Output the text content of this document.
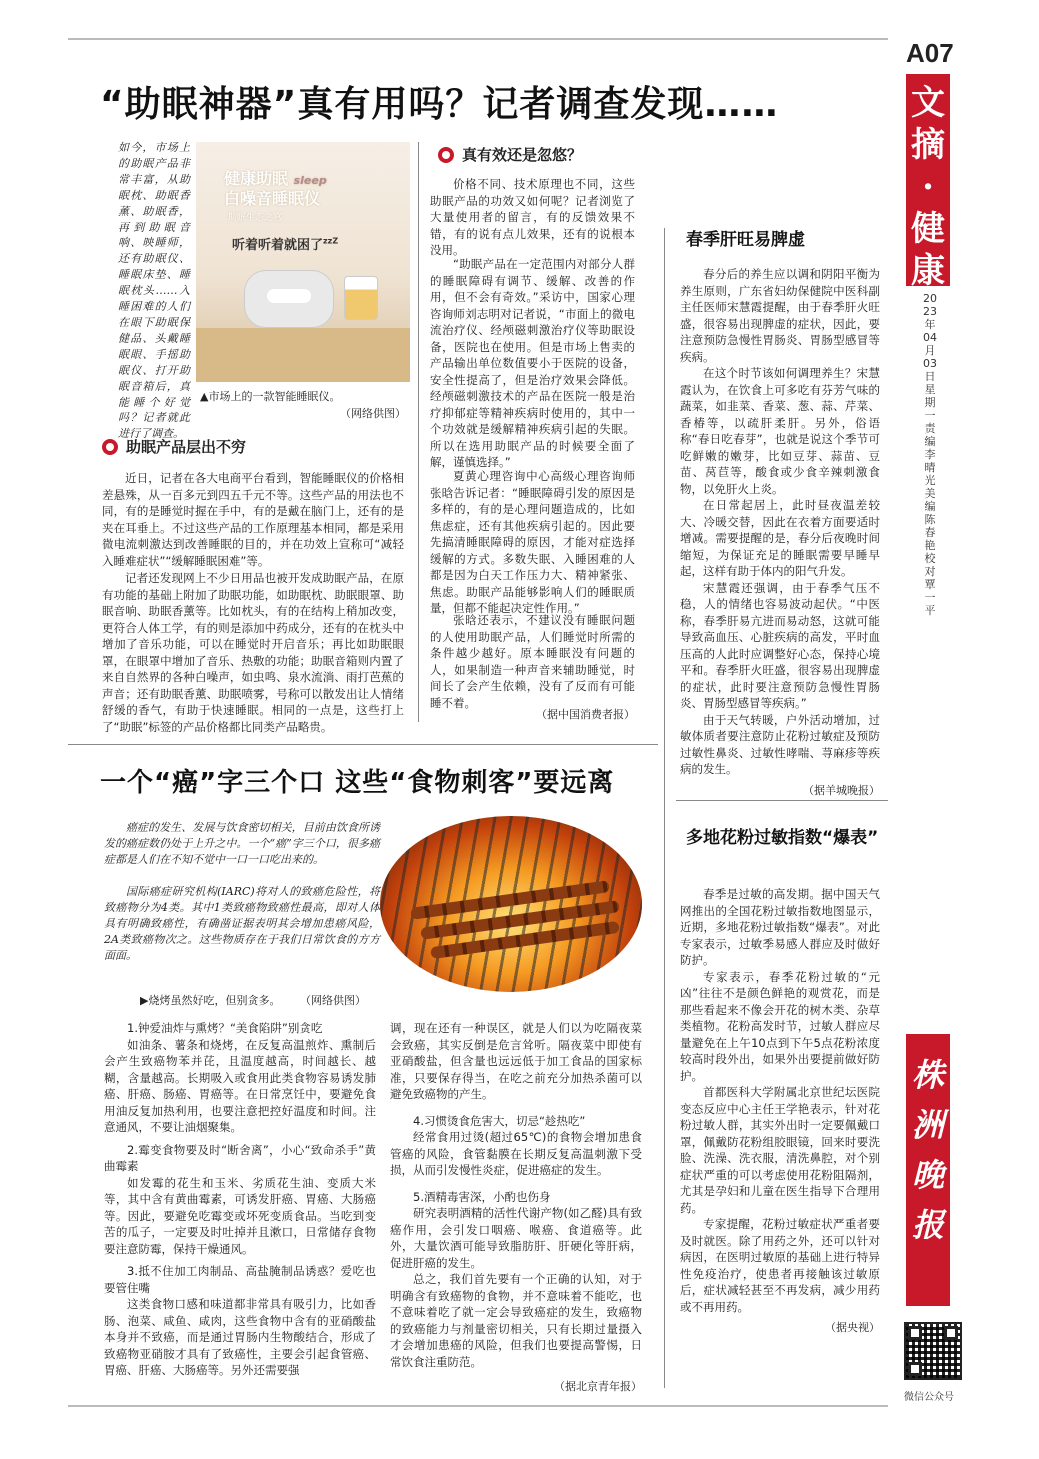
A07
文
摘
·
健
康
2023年04月03日 星期一 责编李晴光 美编陈春艳 校对覃一平
株
洲
晚
报
微信公众号
“助眠神器”真有用吗？记者调查发现……
如今，市场上的助眠产品非常丰富，从助眠枕、助眠香薰、助眠香，再到助眠音响、映睡师，还有助眠仪、睡眠床垫、睡眠枕头……入睡困难的人们在眼下助眠保健品、头戴睡眠眼、手摇助眠仪、打开助眠音箱后，真能睡个好觉吗？记者就此进行了调查。
健康助眠 sleep
白噪音睡眠仪
助眠生态之宫
听着听着就困了$^{zzZ}$
▲市场上的一款智能睡眠仪。
（网络供图）
助眠产品层出不穷
近日，记者在各大电商平台看到，智能睡眠仪的价格相差悬殊，从一百多元到四五千元不等。这些产品的用法也不同，有的是睡觉时握在手中，有的是戴在脑门上，还有的是夹在耳垂上。不过这些产品的工作原理基本相同，都是采用微电流刺激达到改善睡眠的目的，并在功效上宣称可“减轻入睡难症状”“缓解睡眠困难”等。
记者还发现网上不少日用品也被开发成助眠产品，在原有功能的基础上附加了助眠功能，如助眠枕、助眠眼罩、助眠音响、助眠香薰等。比如枕头，有的在结构上稍加改变，更符合人体工学，有的则是添加中药成分，还有的在枕头中增加了音乐功能，可以在睡觉时开启音乐；再比如助眠眼罩，在眼罩中增加了音乐、热敷的功能；助眠音箱则内置了来自自然界的各种白噪声，如虫鸣、泉水流淌、雨打芭蕉的声音；还有助眠香薰、助眠喷雾，号称可以散发出让人情绪舒缓的香气，有助于快速睡眠。相同的一点是，这些打上了“助眠”标签的产品价格都比同类产品略贵。
真有效还是忽悠？
价格不同、技术原理也不同，这些助眠产品的功效又如何呢？记者浏览了大量使用者的留言，有的反馈效果不错，有的说有点儿效果，还有的说根本没用。
“助眠产品在一定范围内对部分人群的睡眠障碍有调节、缓解、改善的作用，但不会有奇效。”采访中，国家心理咨询师刘志明对记者说，“市面上的微电流治疗仪、经颅磁刺激治疗仪等助眠设备，医院也在使用。但是市场上售卖的产品输出单位数值要小于医院的设备，安全性提高了，但是治疗效果会降低。经颅磁刺激技术的产品在医院一般是治疗抑郁症等精神疾病时使用的，其中一个功效就是缓解精神疾病引起的失眠。所以在选用助眠产品的时候要全面了解，谨慎选择。”
夏黄心理咨询中心高级心理咨询师张晗告诉记者：“睡眠障碍引发的原因是多样的，有的是心理问题造成的，比如焦虑症，还有其他疾病引起的。因此要先搞清睡眠障碍的原因，才能对症选择缓解的方式。多数失眠、入睡困难的人都是因为白天工作压力大、精神紧张、焦虑。助眠产品能够影响人们的睡眠质量，但都不能起决定性作用。”
张晗还表示，不建议没有睡眠问题的人使用助眠产品，人们睡觉时所需的条件越少越好。原本睡眠没有问题的人，如果制造一种声音来辅助睡觉，时间长了会产生依赖，没有了反而有可能睡不着。
（据中国消费者报）
一个“癌”字三个口 这些“食物刺客”要远离
癌症的发生、发展与饮食密切相关，目前由饮食所诱发的癌症数仍处于上升之中。一个“癌”字三个口，很多癌症都是人们在不知不觉中一口一口吃出来的。
国际癌症研究机构(IARC)将对人的致癌危险性，将致癌物分为4类。其中1类致癌物致癌性最高，即对人体具有明确致癌性，有确凿证据表明其会增加患癌风险，2A类致癌物次之。这些物质存在于我们日常饮食的方方面面。
▶烧烤虽然好吃，但别贪多。 （网络供图）
1.钟爱油炸与熏烤？“美食陷阱”别贪吃
如油条、薯条和烧烤，在反复高温煎炸、熏制后会产生致癌物苯并芘，且温度越高，时间越长、越糊，含量越高。长期吸入或食用此类食物容易诱发肺癌、肝癌、肠癌、胃癌等。在日常烹饪中，要避免食用油反复加热利用，也要注意把控好温度和时间。注意通风，不要让油烟聚集。
2.霉变食物要及时“断舍离”，小心“致命杀手”黄曲霉素
如发霉的花生和玉米、劣质花生油、变质大米等，其中含有黄曲霉素，可诱发肝癌、胃癌、大肠癌等。因此，要避免吃霉变或坏死变质食品。当吃到变苦的瓜子，一定要及时吐掉并且漱口，日常储存食物要注意防霉，保持干燥通风。
3.抵不住加工肉制品、高盐腌制品诱惑？爱吃也要管住嘴
这类食物口感和味道都非常具有吸引力，比如香肠、泡菜、咸鱼、咸肉，这些食物中含有的亚硝酸盐本身并不致癌，而是通过胃肠内生物酸结合，形成了致癌物亚硝胺才具有了致癌性，主要会引起食管癌、胃癌、肝癌、大肠癌等。另外还需要强
调，现在还有一种误区，就是人们以为吃隔夜菜会致癌，其实反倒是危言耸听。隔夜菜中即使有亚硝酸盐，但含量也远远低于加工食品的国家标准，只要保存得当，在吃之前充分加热杀菌可以避免致癌物的产生。
4.习惯烫食危害大，切忌“趁热吃”
经常食用过烫(超过65℃)的食物会增加患食管癌的风险，食管黏膜在长期反复高温刺激下受损，从而引发慢性炎症，促进癌症的发生。
5.酒精毒害深，小酌也伤身
研究表明酒精的活性代谢产物(如乙醛)具有致癌作用，会引发口咽癌、喉癌、食道癌等。此外，大量饮酒可能导致脂肪肝、肝硬化等肝病，促进肝癌的发生。
总之，我们首先要有一个正确的认知，对于明确含有致癌物的食物，并不意味着不能吃，也不意味着吃了就一定会导致癌症的发生，致癌物的致癌能力与剂量密切相关，只有长期过量摄入才会增加患癌的风险，但我们也要提高警惕，日常饮食注重防范。
（据北京青年报）
春季肝旺易脾虚
春分后的养生应以调和阴阳平衡为养生原则，广东省妇幼保健院中医科副主任医师宋慧霞提醒，由于春季肝火旺盛，很容易出现脾虚的症状，因此，要注意预防急慢性胃肠炎、胃肠型感冒等疾病。
在这个时节该如何调理养生？宋慧霞认为，在饮食上可多吃有芬芳气味的蔬菜，如韭菜、香菜、葱、蒜、芹菜、香椿等，以疏肝柔肝。另外，俗语称“春日吃春芽”，也就是说这个季节可吃鲜嫩的嫩芽，比如豆芽、蒜苗、豆苗、莴苣等，酸食或少食辛辣刺激食物，以免肝火上炎。
在日常起居上，此时昼夜温差较大、冷暖交替，因此在衣着方面要适时增减。需要提醒的是，春分后夜晚时间缩短，为保证充足的睡眠需要早睡早起，这样有助于体内的阳气升发。
宋慧霞还强调，由于春季气压不稳，人的情绪也容易波动起伏。“中医称，春季肝易亢进而易动怒，这就可能导致高血压、心脏疾病的高发，平时血压高的人此时应调整好心态，保持心境平和。春季肝火旺盛，很容易出现脾虚的症状，此时要注意预防急慢性胃肠炎、胃肠型感冒等疾病。”
由于天气转暖，户外活动增加，过敏体质者要注意防止花粉过敏症及预防过敏性鼻炎、过敏性哮喘、荨麻疹等疾病的发生。
（据羊城晚报）
多地花粉过敏指数“爆表”
春季是过敏的高发期。据中国天气网推出的全国花粉过敏指数地图显示，近期，多地花粉过敏指数“爆表”。对此专家表示，过敏季易感人群应及时做好防护。
专家表示，春季花粉过敏的“元凶”往往不是颜色鲜艳的观赏花，而是那些看起来不像会开花的树木类、杂草类植物。花粉高发时节，过敏人群应尽量避免在上午10点到下午5点花粉浓度较高时段外出，如果外出要提前做好防护。
首都医科大学附属北京世纪坛医院变态反应中心主任王学艳表示，针对花粉过敏人群，其实外出时一定要佩戴口罩，佩戴防花粉组胶眼镜，回来时要洗脸、洗澡、洗衣服，清洗鼻腔，对个别症状严重的可以考虑使用花粉阻隔剂，尤其是孕妇和儿童在医生指导下合理用药。
专家提醒，花粉过敏症状严重者要及时就医。除了用药之外，还可以针对病因，在医明过敏原的基础上进行特异性免疫治疗，使患者再接触该过敏原后，症状减轻甚至不再发病，减少用药或不再用药。
（据央视）
